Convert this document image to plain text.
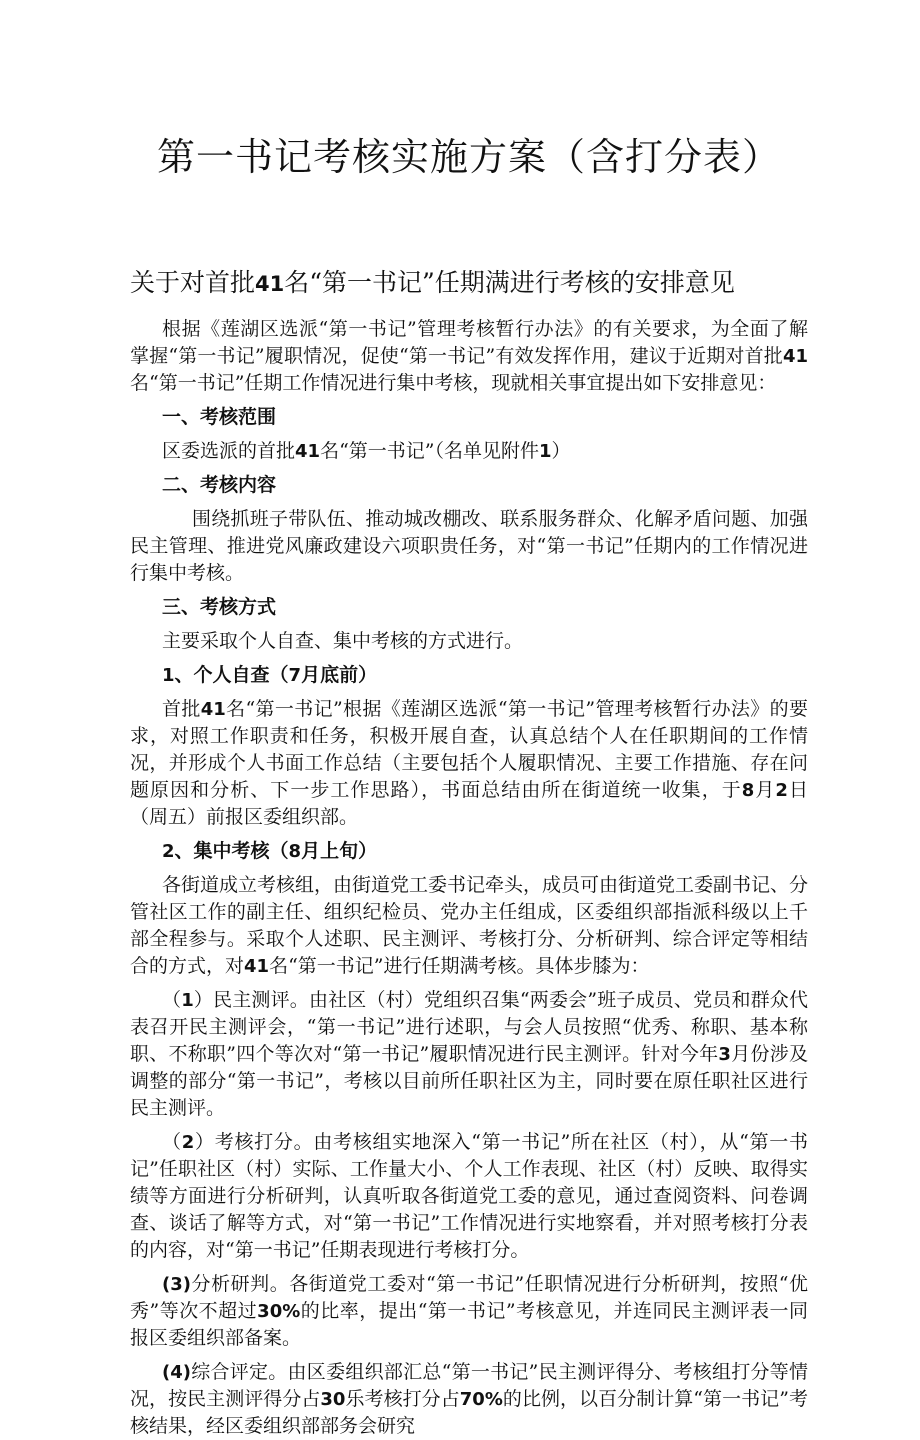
第一书记考核实施方案（含打分表）
关于对首批41名“第一书记”任期满进行考核的安排意见

根据《莲湖区选派“第一书记”管理考核暂行办法》的有关要求，为全面了解掌握“第一书记”履职情况，促使“第一书记”有效发挥作用，建议于近期对首批41名“第一书记”任期工作情况进行集中考核，现就相关事宜提出如下安排意见：

一、考核范围

区委选派的首批41名“第一书记”（名单见附件1）

二、考核内容

围绕抓班子带队伍、推动城改棚改、联系服务群众、化解矛盾问题、加强民主管理、推进党风廉政建设六项职贵任务，对“第一书记”任期内的工作情况进行集中考核。

三、考核方式

主要采取个人自查、集中考核的方式进行。

1、个人自查（7月底前）

首批41名“第一书记”根据《莲湖区选派“第一书记”管理考核暂行办法》的要求，对照工作职责和任务，积极开展自查，认真总结个人在任职期间的工作情况，并形成个人书面工作总结（主要包括个人履职情况、主要工作措施、存在问题原因和分析、下一步工作思路），书面总结由所在街道统一收集，于8月2日（周五）前报区委组织部。

2、集中考核（8月上旬）

各街道成立考核组，由街道党工委书记牵头，成员可由街道党工委副书记、分管社区工作的副主任、组织纪检员、党办主任组成，区委组织部指派科级以上千部全程参与。采取个人述职、民主测评、考核打分、分析研判、综合评定等相结合的方式，对41名“第一书记”进行任期满考核。具体步膝为：

（1）民主测评。由社区（村）党组织召集“两委会”班子成员、党员和群众代表召开民主测评会，“第一书记”进行述职，与会人员按照“优秀、称职、基本称职、不称职”四个等次对“第一书记”履职情况进行民主测评。针对今年3月份涉及调整的部分“第一书记”，考核以目前所任职社区为主，同时要在原任职社区进行民主测评。

（2）考核打分。由考核组实地深入“第一书记”所在社区（村），从“第一书记”任职社区（村）实际、工作量大小、个人工作表现、社区（村）反映、取得实绩等方面进行分析研判，认真听取各街道党工委的意见，通过查阅资料、问卷调查、谈话了解等方式，对“第一书记”工作情况进行实地察看，并对照考核打分表的内容，对“第一书记”任期表现进行考核打分。

(3)分析研判。各街道党工委对“第一书记”任职情况进行分析研判，按照“优秀”等次不超过30%的比率，提出“第一书记”考核意见，并连同民主测评表一同报区委组织部备案。

(4)综合评定。由区委组织部汇总“第一书记”民主测评得分、考核组打分等情况，按民主测评得分占30乐考核打分占70%的比例，以百分制计算“第一书记”考核结果，经区委组织部部务会研究
